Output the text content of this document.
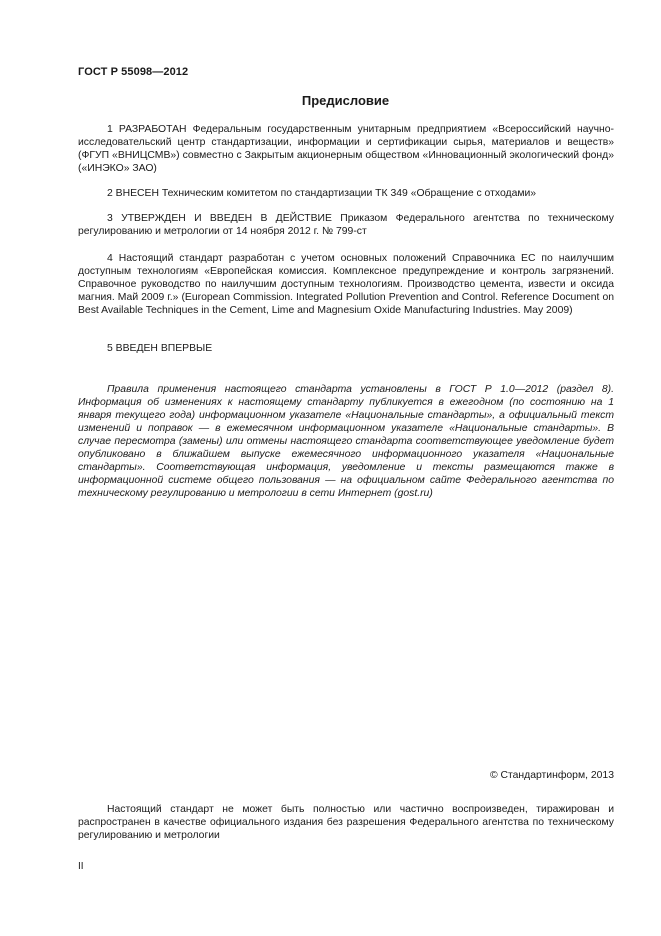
ГОСТ Р 55098—2012
Предисловие
1 РАЗРАБОТАН Федеральным государственным унитарным предприятием «Всероссийский научно-исследовательский центр стандартизации, информации и сертификации сырья, материалов и веществ» (ФГУП «ВНИЦСМВ») совместно с Закрытым акционерным обществом «Инновационный экологический фонд» («ИНЭКО» ЗАО)
2 ВНЕСЕН Техническим комитетом по стандартизации ТК 349 «Обращение с отходами»
3 УТВЕРЖДЕН И ВВЕДЕН В ДЕЙСТВИЕ Приказом Федерального агентства по техническому регулированию и метрологии от 14 ноября 2012 г. № 799-ст
4 Настоящий стандарт разработан с учетом основных положений Справочника ЕС по наилучшим доступным технологиям «Европейская комиссия. Комплексное предупреждение и контроль загрязнений. Справочное руководство по наилучшим доступным технологиям. Производство цемента, извести и оксида магния. Май 2009 г.» (European Commission. Integrated Pollution Prevention and Control. Reference Document on Best Available Techniques in the Cement, Lime and Magnesium Oxide Manufacturing Industries. May 2009)
5 ВВЕДЕН ВПЕРВЫЕ
Правила применения настоящего стандарта установлены в ГОСТ Р 1.0—2012 (раздел 8). Информация об изменениях к настоящему стандарту публикуется в ежегодном (по состоянию на 1 января текущего года) информационном указателе «Национальные стандарты», а официальный текст изменений и поправок — в ежемесячном информационном указателе «Национальные стандарты». В случае пересмотра (замены) или отмены настоящего стандарта соответствующее уведомление будет опубликовано в ближайшем выпуске ежемесячного информационного указателя «Национальные стандарты». Соответствующая информация, уведомление и тексты размещаются также в информационной системе общего пользования — на официальном сайте Федерального агентства по техническому регулированию и метрологии в сети Интернет (gost.ru)
© Стандартинформ, 2013
Настоящий стандарт не может быть полностью или частично воспроизведен, тиражирован и распространен в качестве официального издания без разрешения Федерального агентства по техническому регулированию и метрологии
II
